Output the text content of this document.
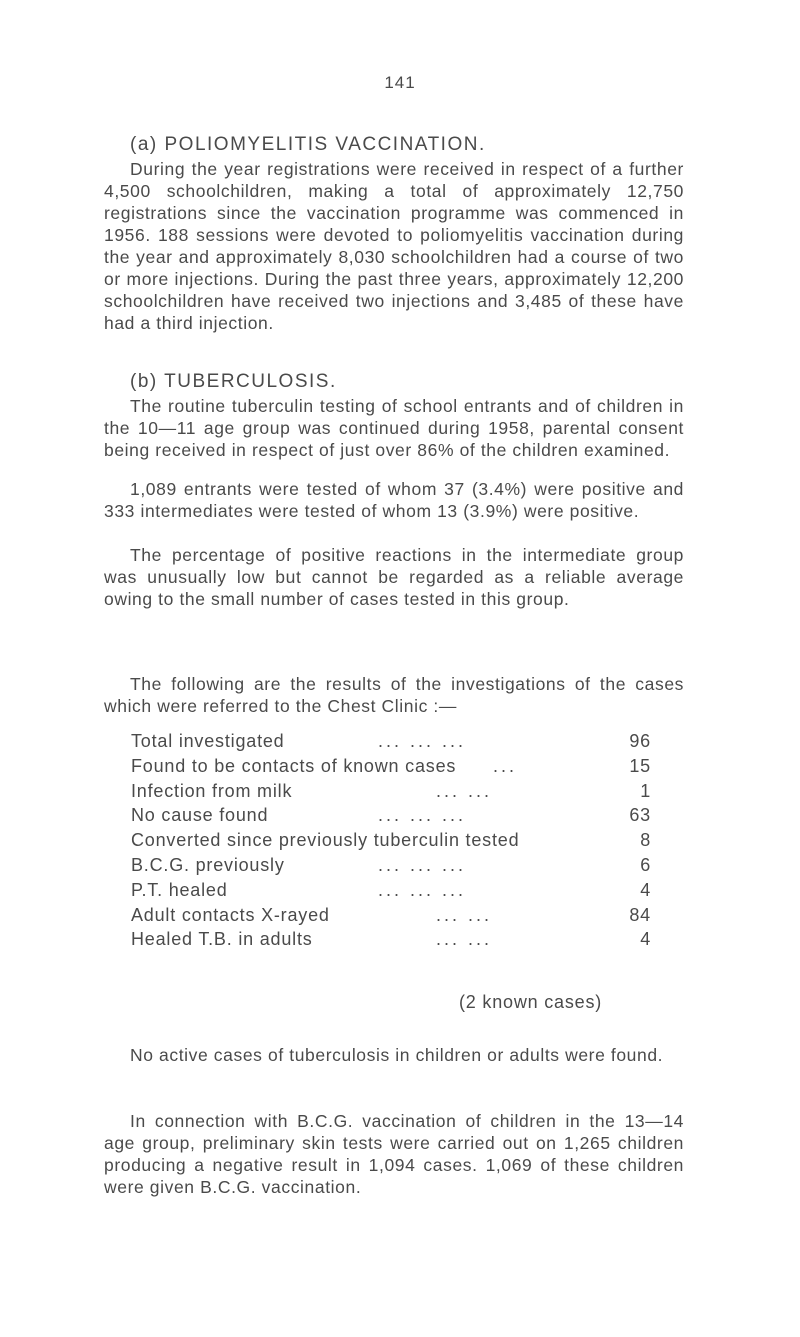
141
(a) POLIOMYELITIS VACCINATION.

During the year registrations were received in respect of a further 4,500 schoolchildren, making a total of approximately 12,750 registrations since the vaccination programme was commenced in 1956. 188 sessions were devoted to poliomyelitis vaccination during the year and approximately 8,030 schoolchildren had a course of two or more injections. During the past three years, approximately 12,200 schoolchildren have received two injections and 3,485 of these have had a third injection.

(b) TUBERCULOSIS.

The routine tuberculin testing of school entrants and of children in the 10—11 age group was continued during 1958, parental consent being received in respect of just over 86% of the children examined.

1,089 entrants were tested of whom 37 (3.4%) were positive and 333 intermediates were tested of whom 13 (3.9%) were positive.

The percentage of positive reactions in the intermediate group was unusually low but cannot be regarded as a reliable average owing to the small number of cases tested in this group.

The following are the results of the investigations of the cases which were referred to the Chest Clinic :—

Total investigated	... ... ...	96
Found to be contacts of known cases ...	15
Infection from milk	... ...	1
No cause found	... ... ...	63
Converted since previously tuberculin tested	8
B.C.G. previously	... ... ...	6
P.T. healed	... ... ...	4
Adult contacts X-rayed	... ...	84
Healed T.B. in adults	... ...	4
(2 known cases)

No active cases of tuberculosis in children or adults were found.

In connection with B.C.G. vaccination of children in the 13—14 age group, preliminary skin tests were carried out on 1,265 children producing a negative result in 1,094 cases. 1,069 of these children were given B.C.G. vaccination.
